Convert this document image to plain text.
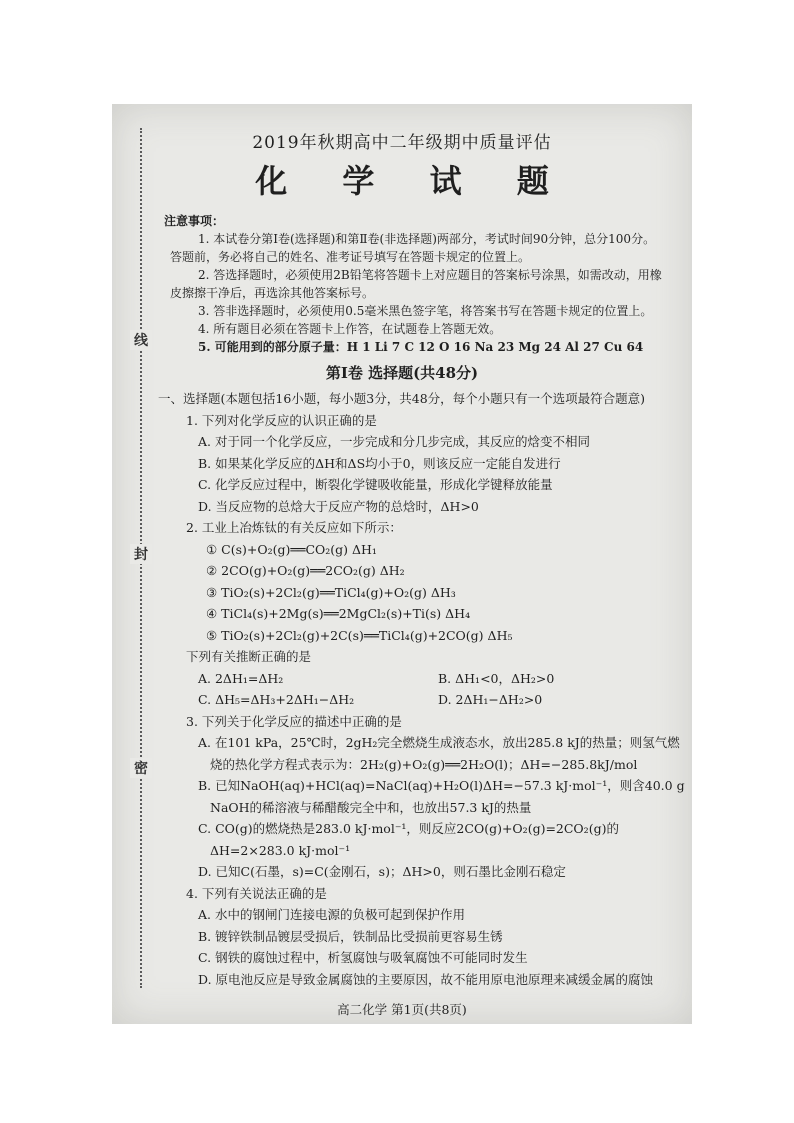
线
封
密
2019年秋期高中二年级期中质量评估
化 学 试 题
注意事项：
1. 本试卷分第Ⅰ卷(选择题)和第Ⅱ卷(非选择题)两部分，考试时间90分钟，总分100分。
答题前，务必将自己的姓名、准考证号填写在答题卡规定的位置上。
2. 答选择题时，必须使用2B铅笔将答题卡上对应题目的答案标号涂黑，如需改动，用橡
皮擦擦干净后，再选涂其他答案标号。
3. 答非选择题时，必须使用0.5毫米黑色签字笔，将答案书写在答题卡规定的位置上。
4. 所有题目必须在答题卡上作答，在试题卷上答题无效。
5. 可能用到的部分原子量：H 1 Li 7 C 12 O 16 Na 23 Mg 24 Al 27 Cu 64
第Ⅰ卷 选择题(共48分)
一、选择题(本题包括16小题，每小题3分，共48分，每个小题只有一个选项最符合题意)
1. 下列对化学反应的认识正确的是
A. 对于同一个化学反应，一步完成和分几步完成，其反应的焓变不相同
B. 如果某化学反应的ΔH和ΔS均小于0，则该反应一定能自发进行
C. 化学反应过程中，断裂化学键吸收能量，形成化学键释放能量
D. 当反应物的总焓大于反应产物的总焓时，ΔH>0
2. 工业上冶炼钛的有关反应如下所示：
① C(s)+O₂(g)══CO₂(g) ΔH₁
② 2CO(g)+O₂(g)══2CO₂(g) ΔH₂
③ TiO₂(s)+2Cl₂(g)══TiCl₄(g)+O₂(g) ΔH₃
④ TiCl₄(s)+2Mg(s)══2MgCl₂(s)+Ti(s) ΔH₄
⑤ TiO₂(s)+2Cl₂(g)+2C(s)══TiCl₄(g)+2CO(g) ΔH₅
下列有关推断正确的是
A. 2ΔH₁=ΔH₂	B. ΔH₁<0，ΔH₂>0
C. ΔH₅=ΔH₃+2ΔH₁−ΔH₂	D. 2ΔH₁−ΔH₂>0
3. 下列关于化学反应的描述中正确的是
A. 在101 kPa，25℃时，2gH₂完全燃烧生成液态水，放出285.8 kJ的热量；则氢气燃
烧的热化学方程式表示为：2H₂(g)+O₂(g)══2H₂O(l)；ΔH=−285.8kJ/mol
B. 已知NaOH(aq)+HCl(aq)=NaCl(aq)+H₂O(l)ΔH=−57.3 kJ·mol⁻¹，则含40.0 g
NaOH的稀溶液与稀醋酸完全中和，也放出57.3 kJ的热量
C. CO(g)的燃烧热是283.0 kJ·mol⁻¹，则反应2CO(g)+O₂(g)=2CO₂(g)的
ΔH=2×283.0 kJ·mol⁻¹
D. 已知C(石墨，s)=C(金刚石，s)；ΔH>0，则石墨比金刚石稳定
4. 下列有关说法正确的是
A. 水中的钢闸门连接电源的负极可起到保护作用
B. 镀锌铁制品镀层受损后，铁制品比受损前更容易生锈
C. 钢铁的腐蚀过程中，析氢腐蚀与吸氧腐蚀不可能同时发生
D. 原电池反应是导致金属腐蚀的主要原因，故不能用原电池原理来减缓金属的腐蚀
高二化学 第1页(共8页)
